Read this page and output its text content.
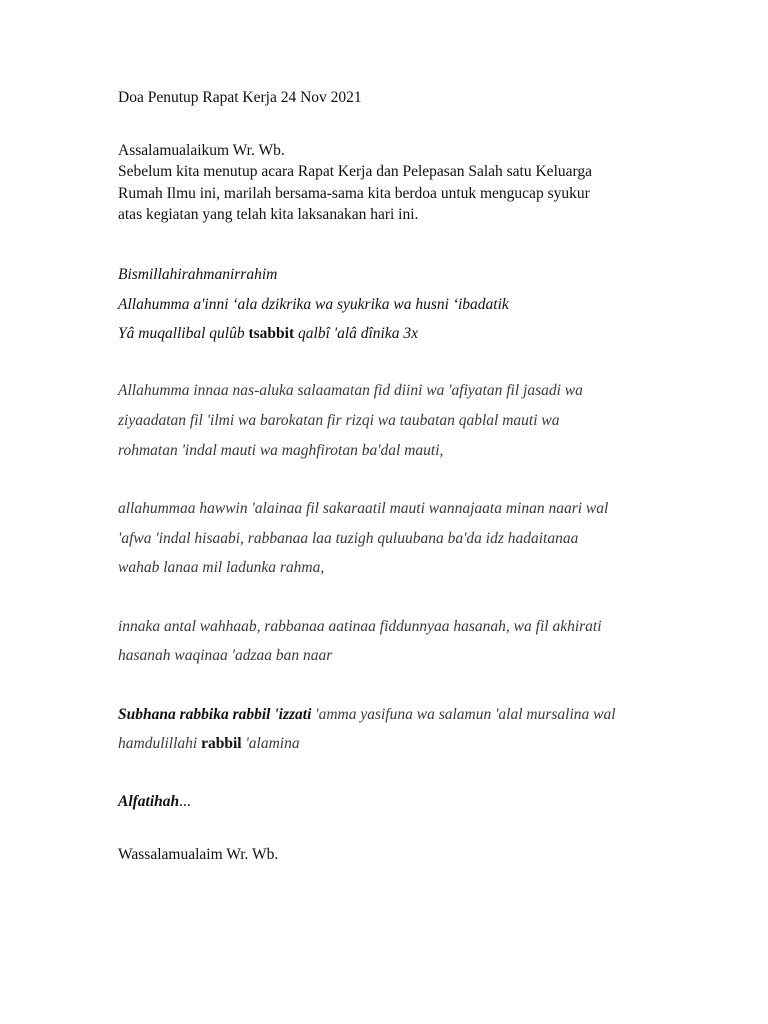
Doa Penutup Rapat Kerja 24 Nov 2021
Assalamualaikum Wr. Wb.
Sebelum kita menutup acara Rapat Kerja dan Pelepasan Salah satu Keluarga
Rumah Ilmu ini, marilah bersama-sama kita berdoa untuk mengucap syukur
atas kegiatan yang telah kita laksanakan hari ini.
Bismillahirahmanirrahim
Allahumma a'inni ‘ala dzikrika wa syukrika wa husni ‘ibadatik
Yâ muqallibal qulûb tsabbit qalbî 'alâ dînika 3x
Allahumma innaa nas-aluka salaamatan fid diini wa 'afiyatan fil jasadi wa
ziyaadatan fil 'ilmi wa barokatan fir rizqi wa taubatan qablal mauti wa
rohmatan 'indal mauti wa maghfirotan ba'dal mauti,
allahummaa hawwin 'alainaa fil sakaraatil mauti wannajaata minan naari wal
'afwa 'indal hisaabi, rabbanaa laa tuzigh quluubana ba'da idz hadaitanaa
wahab lanaa mil ladunka rahma,
innaka antal wahhaab, rabbanaa aatinaa fiddunnyaa hasanah, wa fil akhirati
hasanah waqinaa 'adzaa ban naar
Subhana rabbika rabbil 'izzati 'amma yasifuna wa salamun 'alal mursalina wal
hamdulillahi rabbil 'alamina
Alfatihah...
Wassalamualaim Wr. Wb.
